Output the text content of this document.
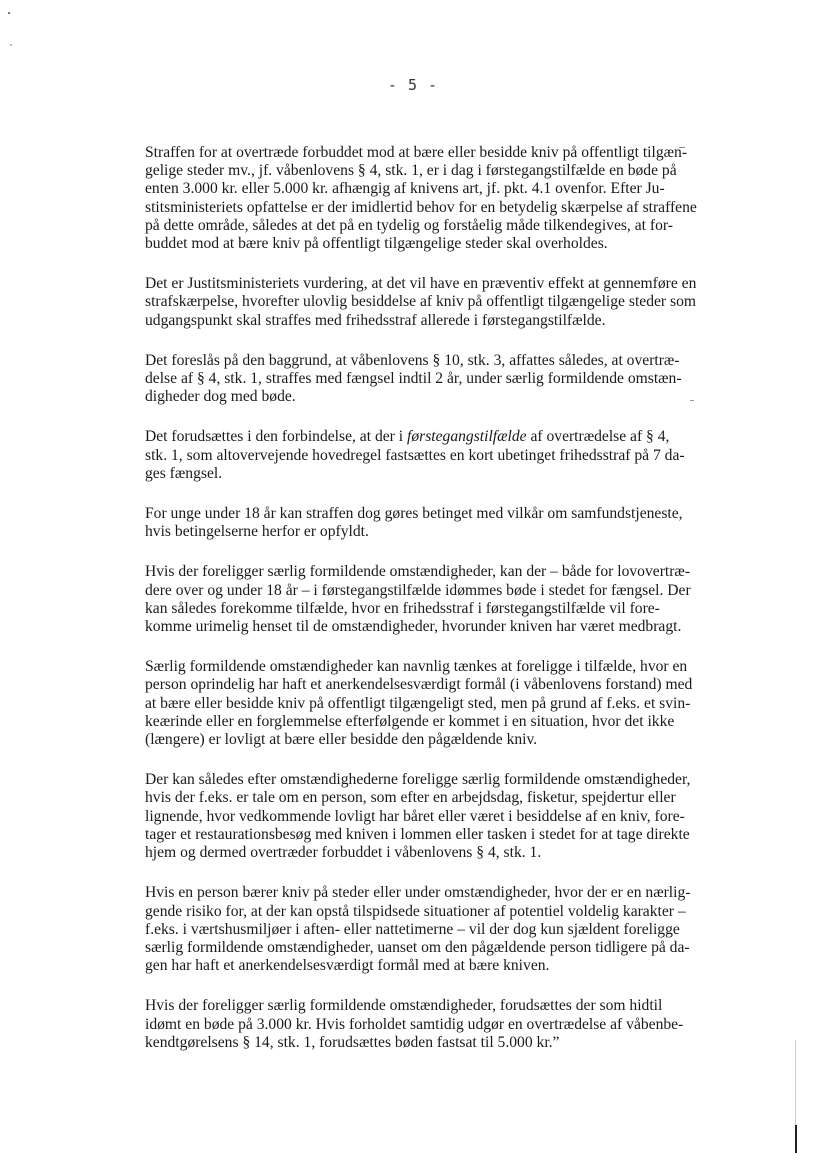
- 5 -

Straffen for at overtræde forbuddet mod at bære eller besidde kniv på offentligt tilgæn-
gelige steder mv., jf. våbenlovens § 4, stk. 1, er i dag i førstegangstilfælde en bøde på
enten 3.000 kr. eller 5.000 kr. afhængig af knivens art, jf. pkt. 4.1 ovenfor. Efter Ju-
stitsministeriets opfattelse er der imidlertid behov for en betydelig skærpelse af straffene
på dette område, således at det på en tydelig og forståelig måde tilkendegives, at for-
buddet mod at bære kniv på offentligt tilgængelige steder skal overholdes.

Det er Justitsministeriets vurdering, at det vil have en præventiv effekt at gennemføre en
strafskærpelse, hvorefter ulovlig besiddelse af kniv på offentligt tilgængelige steder som
udgangspunkt skal straffes med frihedsstraf allerede i førstegangstilfælde.

Det foreslås på den baggrund, at våbenlovens § 10, stk. 3, affattes således, at overtræ-
delse af § 4, stk. 1, straffes med fængsel indtil 2 år, under særlig formildende omstæn-
digheder dog med bøde.

Det forudsættes i den forbindelse, at der i førstegangstilfælde af overtrædelse af § 4,
stk. 1, som altovervejende hovedregel fastsættes en kort ubetinget frihedsstraf på 7 da-
ges fængsel.

For unge under 18 år kan straffen dog gøres betinget med vilkår om samfundstjeneste,
hvis betingelserne herfor er opfyldt.

Hvis der foreligger særlig formildende omstændigheder, kan der – både for lovovertræ-
dere over og under 18 år – i førstegangstilfælde idømmes bøde i stedet for fængsel. Der
kan således forekomme tilfælde, hvor en frihedsstraf i førstegangstilfælde vil fore-
komme urimelig henset til de omstændigheder, hvorunder kniven har været medbragt.

Særlig formildende omstændigheder kan navnlig tænkes at foreligge i tilfælde, hvor en
person oprindelig har haft et anerkendelsesværdigt formål (i våbenlovens forstand) med
at bære eller besidde kniv på offentligt tilgængeligt sted, men på grund af f.eks. et svin-
keærinde eller en forglemmelse efterfølgende er kommet i en situation, hvor det ikke
(længere) er lovligt at bære eller besidde den pågældende kniv.

Der kan således efter omstændighederne foreligge særlig formildende omstændigheder,
hvis der f.eks. er tale om en person, som efter en arbejdsdag, fisketur, spejdertur eller
lignende, hvor vedkommende lovligt har båret eller været i besiddelse af en kniv, fore-
tager et restaurationsbesøg med kniven i lommen eller tasken i stedet for at tage direkte
hjem og dermed overtræder forbuddet i våbenlovens § 4, stk. 1.

Hvis en person bærer kniv på steder eller under omstændigheder, hvor der er en nærlig-
gende risiko for, at der kan opstå tilspidsede situationer af potentiel voldelig karakter –
f.eks. i værtshusmiljøer i aften- eller nattetimerne – vil der dog kun sjældent foreligge
særlig formildende omstændigheder, uanset om den pågældende person tidligere på da-
gen har haft et anerkendelsesværdigt formål med at bære kniven.

Hvis der foreligger særlig formildende omstændigheder, forudsættes der som hidtil
idømt en bøde på 3.000 kr. Hvis forholdet samtidig udgør en overtrædelse af våbenbe-
kendtgørelsens § 14, stk. 1, forudsættes bøden fastsat til 5.000 kr.”
